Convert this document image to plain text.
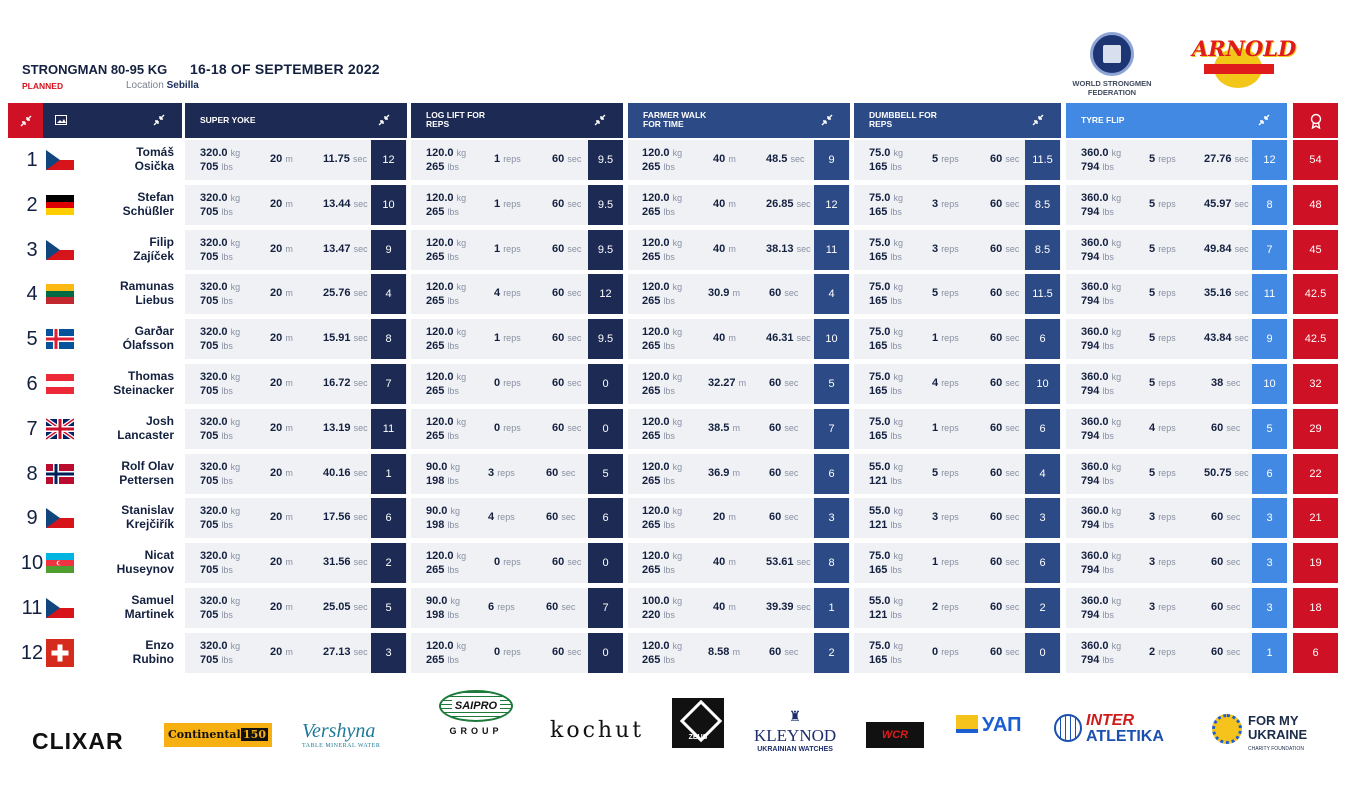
STRONGMAN 80-95 KG 16-18 OF SEPTEMBER 2022
PLANNED	Location Sebilla	WORLD STRONGMEN FEDERATION
ARNOLD
SUPER YOKE	LOG LIFT FOR REPS
FARMER WALK FOR TIME
DUMBBELL FOR REPS	TYRE FLIP
1	Tomáš
Osička
320.0 kg
705 lbs
20 m	11.75 sec	12
120.0 kg
265 lbs
1 reps	60 sec	9.5
120.0 kg
265 lbs
40 m	48.5 sec	9
75.0 kg
165 lbs
5 reps	60 sec	11.5
360.0 kg
794 lbs
5 reps	27.76 sec	12	54
2	Stefan
Schüßler
320.0 kg
705 lbs
20 m	13.44 sec	10
120.0 kg
265 lbs
1 reps	60 sec	9.5
120.0 kg
265 lbs
40 m	26.85 sec	12
75.0 kg
165 lbs
3 reps	60 sec	8.5
360.0 kg
794 lbs
5 reps	45.97 sec	8	48
3	Filip
Zajíček
320.0 kg
705 lbs
20 m	13.47 sec	9
120.0 kg
265 lbs
1 reps	60 sec	9.5
120.0 kg
265 lbs
40 m	38.13 sec	11
75.0 kg
165 lbs
3 reps	60 sec	8.5
360.0 kg
794 lbs
5 reps	49.84 sec	7	45
4	Ramunas
Liebus
320.0 kg
705 lbs
20 m	25.76 sec	4
120.0 kg
265 lbs
4 reps	60 sec	12
120.0 kg
265 lbs
30.9 m	60 sec	4
75.0 kg
165 lbs
5 reps	60 sec	11.5
360.0 kg
794 lbs
5 reps	35.16 sec	11	42.5
5	Garðar
Ólafsson
320.0 kg
705 lbs
20 m	15.91 sec	8
120.0 kg
265 lbs
1 reps	60 sec	9.5
120.0 kg
265 lbs
40 m	46.31 sec	10
75.0 kg
165 lbs
1 reps	60 sec	6
360.0 kg
794 lbs
5 reps	43.84 sec	9	42.5
6	Thomas
Steinacker
320.0 kg
705 lbs
20 m	16.72 sec	7
120.0 kg
265 lbs
0 reps	60 sec	0
120.0 kg
265 lbs
32.27 m 60 sec	5
75.0 kg
165 lbs
4 reps	60 sec	10
360.0 kg
794 lbs
5 reps	38 sec	10	32
7	Josh
Lancaster
320.0 kg
705 lbs
20 m	13.19 sec	11
120.0 kg
265 lbs
0 reps	60 sec	0
120.0 kg
265 lbs
38.5 m	60 sec	7
75.0 kg
165 lbs
1 reps	60 sec	6
360.0 kg
794 lbs
4 reps	60 sec	5	29
8	Rolf Olav
Pettersen
320.0 kg
705 lbs
20 m	40.16 sec	1
90.0 kg
198 lbs
3 reps	60 sec	5
120.0 kg
265 lbs
36.9 m	60 sec	6
55.0 kg
121 lbs
5 reps	60 sec	4
360.0 kg
794 lbs
5 reps	50.75 sec	6	22
9	Stanislav
Krejčiřík
320.0 kg
705 lbs
20 m	17.56 sec	6
90.0 kg
198 lbs
4 reps	60 sec	6
120.0 kg
265 lbs
20 m	60 sec	3
55.0 kg
121 lbs
3 reps	60 sec	3
360.0 kg
794 lbs
3 reps	60 sec	3	21
10	Nicat
Huseynov
320.0 kg
705 lbs
20 m	31.56 sec	2
120.0 kg
265 lbs
0 reps	60 sec	0
120.0 kg
265 lbs
40 m	53.61 sec	8
75.0 kg
165 lbs
1 reps	60 sec	6
360.0 kg
794 lbs
3 reps	60 sec	3	19
11	Samuel
Martinek
320.0 kg
705 lbs
20 m	25.05 sec	5
90.0 kg
198 lbs
6 reps	60 sec	7
100.0 kg
220 lbs
40 m	39.39 sec	1
55.0 kg
121 lbs
2 reps	60 sec	2
360.0 kg
794 lbs
3 reps	60 sec	3	18
12	Enzo
Rubino
320.0 kg
705 lbs
20 m	27.13 sec	3
120.0 kg
265 lbs
0 reps	60 sec	0
120.0 kg
265 lbs
8.58 m	60 sec	2
75.0 kg
165 lbs
0 reps	60 sec	0
360.0 kg
794 lbs
2 reps	60 sec	1	6
CLIXAR	Continental 150 Vershyna
TABLE MINERAL WATER
SAIPRO
GROUP	kochut	ZEUS
♜
KLEYNOD
UKRAINIAN WATCHES
WCR	УАП	INTER
ATLETIKA
FOR MY
UKRAINE
CHARITY FOUNDATION
